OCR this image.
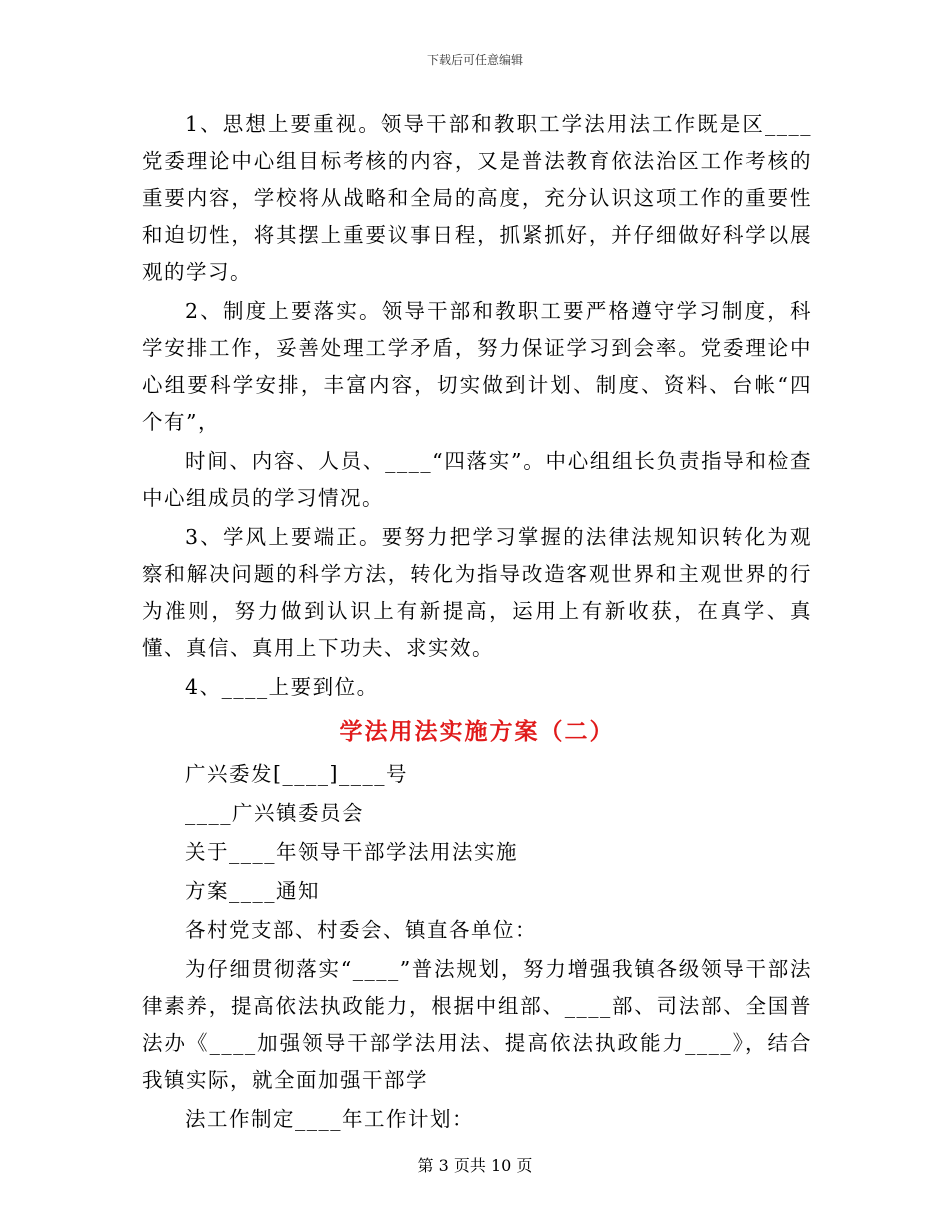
下载后可任意编辑

1、思想上要重视。领导干部和教职工学法用法工作既是区____党委理论中心组目标考核的内容，又是普法教育依法治区工作考核的重要内容，学校将从战略和全局的高度，充分认识这项工作的重要性和迫切性，将其摆上重要议事日程，抓紧抓好，并仔细做好科学以展观的学习。

2、制度上要落实。领导干部和教职工要严格遵守学习制度，科学安排工作，妥善处理工学矛盾，努力保证学习到会率。党委理论中心组要科学安排，丰富内容，切实做到计划、制度、资料、台帐“四个有”，

时间、内容、人员、____“四落实”。中心组组长负责指导和检查中心组成员的学习情况。

3、学风上要端正。要努力把学习掌握的法律法规知识转化为观察和解决问题的科学方法，转化为指导改造客观世界和主观世界的行为准则，努力做到认识上有新提高，运用上有新收获，在真学、真懂、真信、真用上下功夫、求实效。

4、____上要到位。

学法用法实施方案（二）

广兴委发[____]____号

____广兴镇委员会

关于____年领导干部学法用法实施

方案____通知

各村党支部、村委会、镇直各单位：

为仔细贯彻落实“____”普法规划，努力增强我镇各级领导干部法律素养，提高依法执政能力，根据中组部、____部、司法部、全国普法办《____加强领导干部学法用法、提高依法执政能力____》，结合我镇实际，就全面加强干部学

法工作制定____年工作计划：

第 3 页共 10 页
